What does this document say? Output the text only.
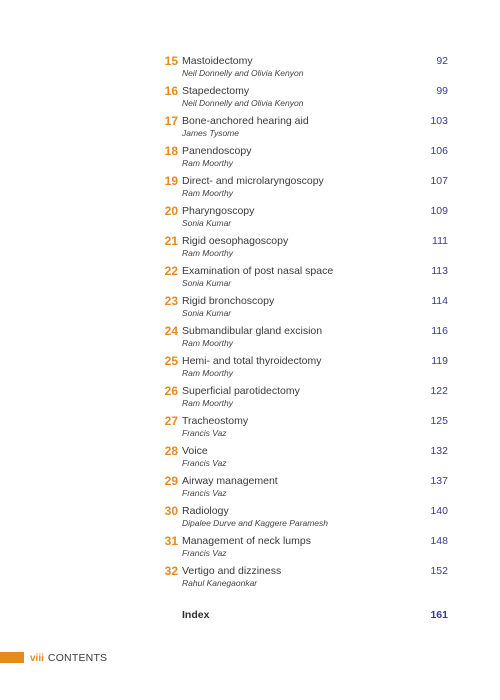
15 Mastoidectomy
Neil Donnelly and Olivia Kenyon
92
16 Stapedectomy
Neil Donnelly and Olivia Kenyon
99
17 Bone-anchored hearing aid
James Tysome
103
18 Panendoscopy
Ram Moorthy
106
19 Direct- and microlaryngoscopy
Ram Moorthy
107
20 Pharyngoscopy
Sonia Kumar
109
21 Rigid oesophagoscopy
Ram Moorthy
111
22 Examination of post nasal space
Sonia Kumar
113
23 Rigid bronchoscopy
Sonia Kumar
114
24 Submandibular gland excision
Ram Moorthy
116
25 Hemi- and total thyroidectomy
Ram Moorthy
119
26 Superficial parotidectomy
Ram Moorthy
122
27 Tracheostomy
Francis Vaz
125
28 Voice
Francis Vaz
132
29 Airway management
Francis Vaz
137
30 Radiology
Dipalee Durve and Kaggere Paramesh
140
31 Management of neck lumps
Francis Vaz
148
32 Vertigo and dizziness
Rahul Kanegaonkar
152
Index	161
viii CONTENTS
